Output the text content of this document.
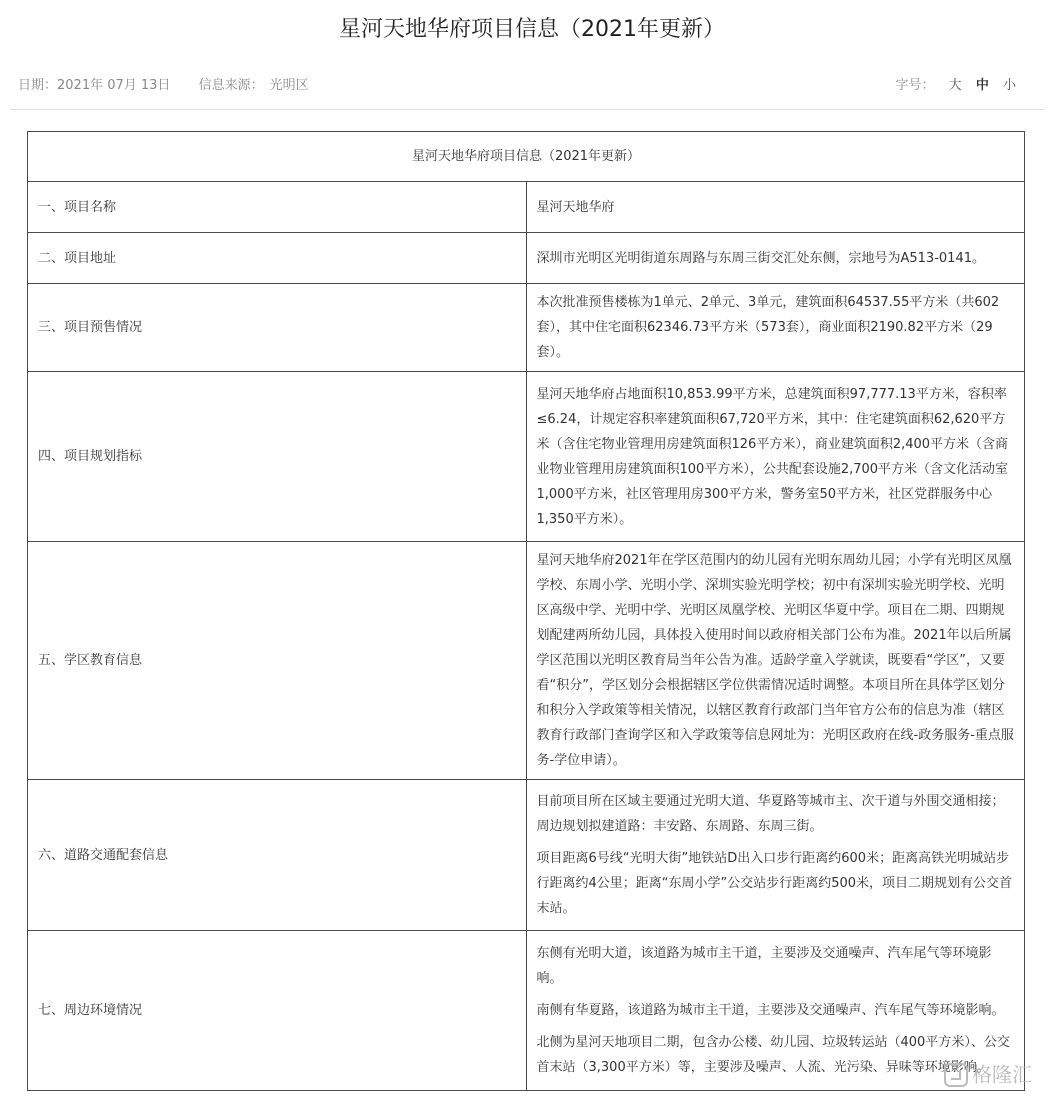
星河天地华府项目信息（2021年更新）
日期：2021年 07月 13日 信息来源： 光明区	字号： 大 中 小
星河天地华府项目信息（2021年更新）	
一、项目名称	星河天地华府

二、项目地址	深圳市光明区光明街道东周路与东周三街交汇处东侧，宗地号为A513-0141。

三、项目预售情况	本次批准预售楼栋为1单元、2单元、3单元，建筑面积64537.55平方米（共602套），其中住宅面积62346.73平方米（573套），商业面积2190.82平方米（29套）。

四、项目规划指标	星河天地华府占地面积10,853.99平方米，总建筑面积97,777.13平方米，容积率≤6.24，计规定容积率建筑面积67,720平方米，其中：住宅建筑面积62,620平方米（含住宅物业管理用房建筑面积126平方米），商业建筑面积2,400平方米（含商业物业管理用房建筑面积100平方米），公共配套设施2,700平方米（含文化活动室1,000平方米，社区管理用房300平方米，警务室50平方米，社区党群服务中心1,350平方米）。

五、学区教育信息	星河天地华府2021年在学区范围内的幼儿园有光明东周幼儿园；小学有光明区凤凰学校、东周小学、光明小学、深圳实验光明学校；初中有深圳实验光明学校、光明区高级中学、光明中学、光明区凤凰学校、光明区华夏中学。项目在二期、四期规划配建两所幼儿园，具体投入使用时间以政府相关部门公布为准。2021年以后所属学区范围以光明区教育局当年公告为准。适龄学童入学就读，既要看“学区”，又要看“积分”，学区划分会根据辖区学位供需情况适时调整。本项目所在具体学区划分和积分入学政策等相关情况，以辖区教育行政部门当年官方公布的信息为准（辖区教育行政部门查询学区和入学政策等信息网址为：光明区政府在线-政务服务-重点服务-学位申请）。

六、道路交通配套信息	目前项目所在区域主要通过光明大道、华夏路等城市主、次干道与外围交通相接；周边规划拟建道路：丰安路、东周路、东周三街。

项目距离6号线“光明大街”地铁站D出入口步行距离约600米；距离高铁光明城站步行距离约4公里；距离“东周小学”公交站步行距离约500米，项目二期规划有公交首末站。

七、周边环境情况	东侧有光明大道，该道路为城市主干道，主要涉及交通噪声、汽车尾气等环境影响。

南侧有华夏路，该道路为城市主干道，主要涉及交通噪声、汽车尾气等环境影响。

北侧为星河天地项目二期，包含办公楼、幼儿园、垃圾转运站（400平方米）、公交首末站（3,300平方米）等，主要涉及噪声、人流、光污染、异味等环境影响。

格隆汇
